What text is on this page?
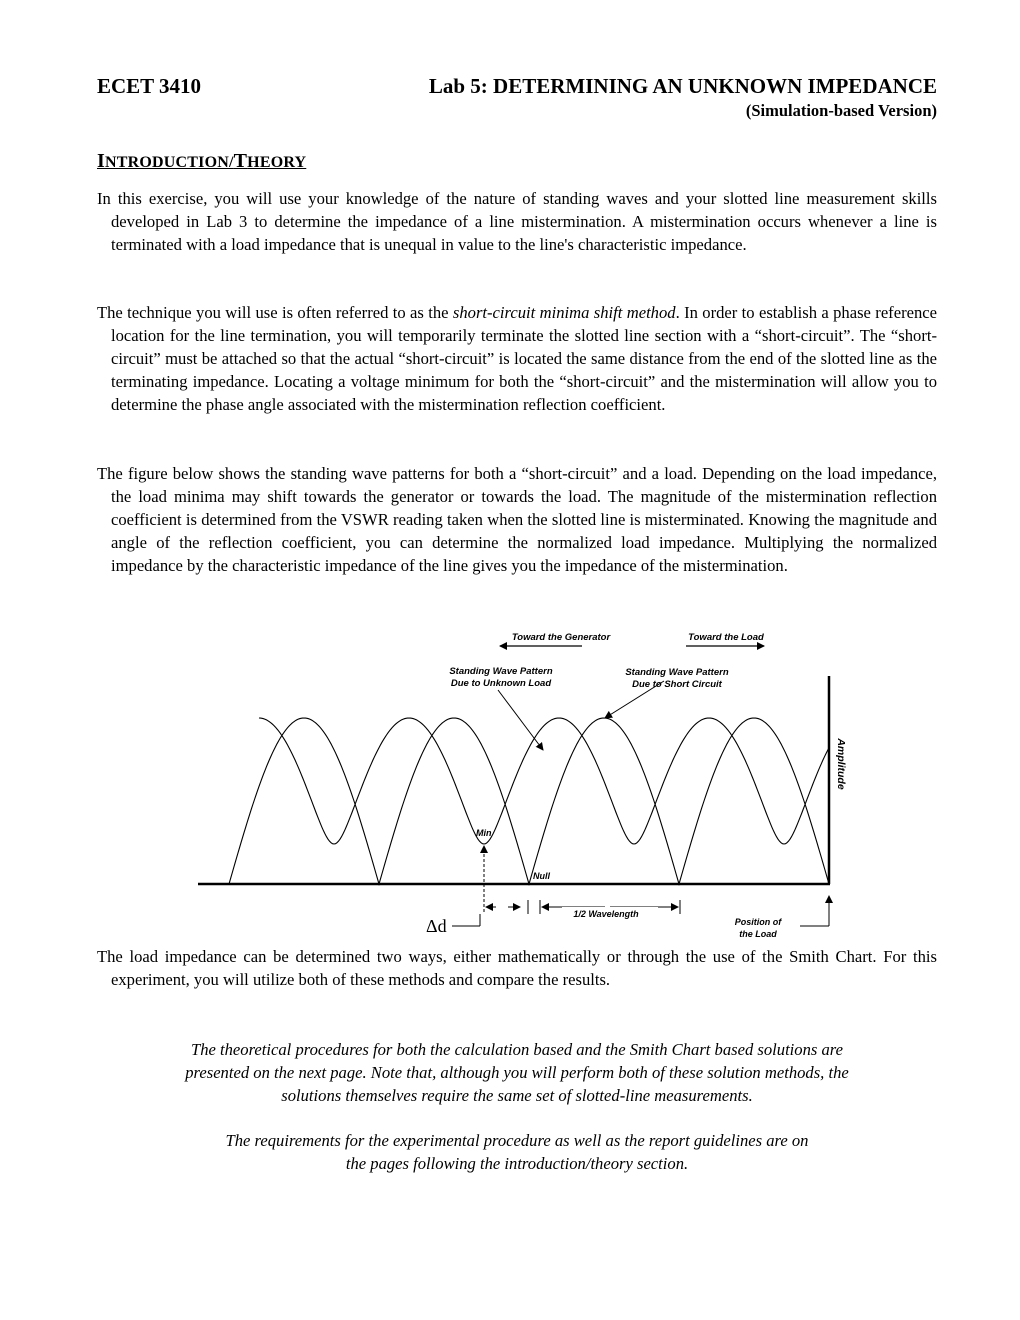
ECET 3410	Lab 5: DETERMINING AN UNKNOWN IMPEDANCE
(Simulation-based Version)
INTRODUCTION/THEORY

In this exercise, you will use your knowledge of the nature of standing waves and your slotted line measurement skills developed in Lab 3 to determine the impedance of a line mistermination. A mistermination occurs whenever a line is terminated with a load impedance that is unequal in value to the line's characteristic impedance.

The technique you will use is often referred to as the short-circuit minima shift method. In order to establish a phase reference location for the line termination, you will temporarily terminate the slotted line section with a “short-circuit”. The “short-circuit” must be attached so that the actual “short-circuit” is located the same distance from the end of the slotted line as the terminating impedance. Locating a voltage minimum for both the “short-circuit” and the mistermination will allow you to determine the phase angle associated with the mistermination reflection coefficient.

The figure below shows the standing wave patterns for both a “short-circuit” and a load. Depending on the load impedance, the load minima may shift towards the generator or towards the load. The magnitude of the mistermination reflection coefficient is determined from the VSWR reading taken when the slotted line is misterminated. Knowing the magnitude and angle of the reflection coefficient, you can determine the normalized load impedance. Multiplying the normalized impedance by the characteristic impedance of the line gives you the impedance of the mistermination.

Toward the Generator	Toward the Load
Standing Wave Pattern
Due to Unknown Load
Standing Wave Pattern
Due to Short Circuit
Amplitude
Min
Null
Δd
1/2 Wavelength
Position of
the Load

The load impedance can be determined two ways, either mathematically or through the use of the Smith Chart. For this experiment, you will utilize both of these methods and compare the results.

The theoretical procedures for both the calculation based and the Smith Chart based solutions are
presented on the next page. Note that, although you will perform both of these solution methods, the
solutions themselves require the same set of slotted-line measurements.
The requirements for the experimental procedure as well as the report guidelines are on
the pages following the introduction/theory section.
